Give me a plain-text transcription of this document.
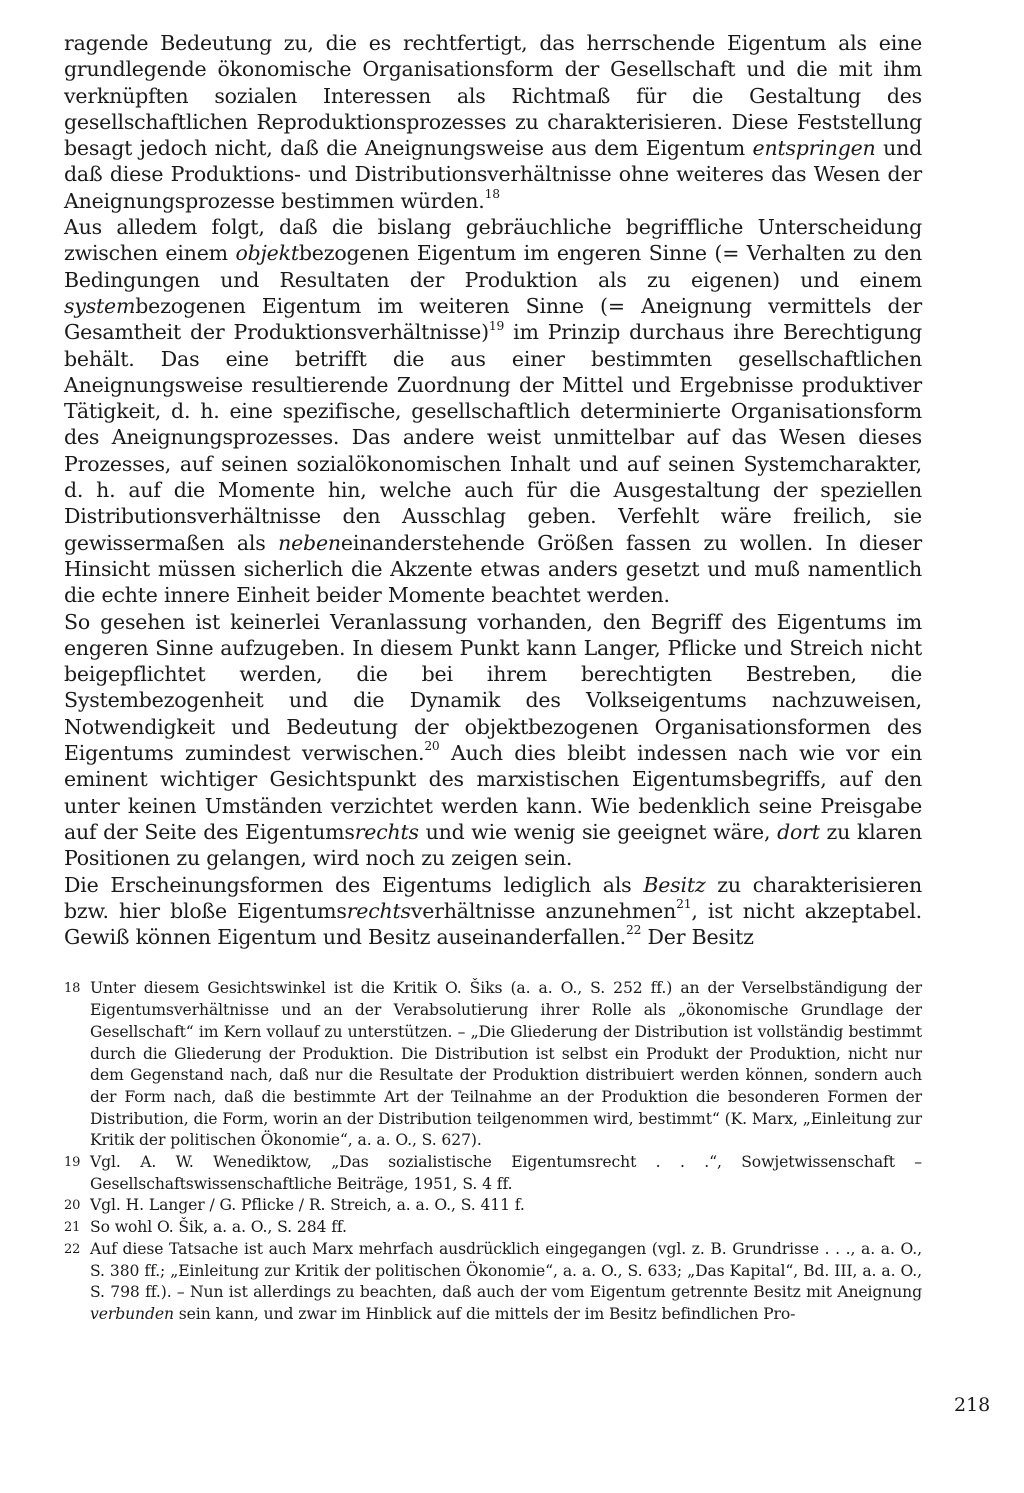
ragende Bedeutung zu, die es rechtfertigt, das herrschende Eigentum als eine grundlegende ökonomische Organisationsform der Gesellschaft und die mit ihm verknüpften sozialen Interessen als Richtmaß für die Gestaltung des gesellschaftlichen Reproduktionsprozesses zu charakterisieren. Diese Feststellung besagt jedoch nicht, daß die Aneignungsweise aus dem Eigentum entspringen und daß diese Produktions- und Distributionsverhältnisse ohne weiteres das Wesen der Aneignungsprozesse bestimmen würden.$^{18}$

Aus alledem folgt, daß die bislang gebräuchliche begriffliche Unterscheidung zwischen einem objektbezogenen Eigentum im engeren Sinne (= Verhalten zu den Bedingungen und Resultaten der Produktion als zu eigenen) und einem systembezogenen Eigentum im weiteren Sinne (= Aneignung vermittels der Gesamtheit der Produktionsverhältnisse)$^{19}$ im Prinzip durchaus ihre Berechtigung behält. Das eine betrifft die aus einer bestimmten gesellschaftlichen Aneignungsweise resultierende Zuordnung der Mittel und Ergebnisse produktiver Tätigkeit, d. h. eine spezifische, gesellschaftlich determinierte Organisationsform des Aneignungsprozesses. Das andere weist unmittelbar auf das Wesen dieses Prozesses, auf seinen sozialökonomischen Inhalt und auf seinen Systemcharakter, d. h. auf die Momente hin, welche auch für die Ausgestaltung der speziellen Distributionsverhältnisse den Ausschlag geben. Verfehlt wäre freilich, sie gewissermaßen als nebeneinanderstehende Größen fassen zu wollen. In dieser Hinsicht müssen sicherlich die Akzente etwas anders gesetzt und muß namentlich die echte innere Einheit beider Momente beachtet werden.

So gesehen ist keinerlei Veranlassung vorhanden, den Begriff des Eigentums im engeren Sinne aufzugeben. In diesem Punkt kann Langer, Pflicke und Streich nicht beigepflichtet werden, die bei ihrem berechtigten Bestreben, die Systembezogenheit und die Dynamik des Volkseigentums nachzuweisen, Notwendigkeit und Bedeutung der objektbezogenen Organisationsformen des Eigentums zumindest verwischen.$^{20}$ Auch dies bleibt indessen nach wie vor ein eminent wichtiger Gesichtspunkt des marxistischen Eigentumsbegriffs, auf den unter keinen Umständen verzichtet werden kann. Wie bedenklich seine Preisgabe auf der Seite des Eigentumsrechts und wie wenig sie geeignet wäre, dort zu klaren Positionen zu gelangen, wird noch zu zeigen sein.

Die Erscheinungsformen des Eigentums lediglich als Besitz zu charakterisieren bzw. hier bloße Eigentumsrechtsverhältnisse anzunehmen$^{21}$, ist nicht akzeptabel. Gewiß können Eigentum und Besitz auseinanderfallen.$^{22}$ Der Besitz

18 Unter diesem Gesichtswinkel ist die Kritik O. Šiks (a. a. O., S. 252 ff.) an der Verselbständigung der Eigentumsverhältnisse und an der Verabsolutierung ihrer Rolle als „ökonomische Grundlage der Gesellschaft“ im Kern vollauf zu unterstützen. – „Die Gliederung der Distribution ist vollständig bestimmt durch die Gliederung der Produktion. Die Distribution ist selbst ein Produkt der Produktion, nicht nur dem Gegenstand nach, daß nur die Resultate der Produktion distribuiert werden können, sondern auch der Form nach, daß die bestimmte Art der Teilnahme an der Produktion die besonderen Formen der Distribution, die Form, worin an der Distribution teilgenommen wird, bestimmt“ (K. Marx, „Einleitung zur Kritik der politischen Ökonomie“, a. a. O., S. 627).

19 Vgl. A. W. Wenediktow, „Das sozialistische Eigentumsrecht . . .“, Sowjetwissenschaft – Gesellschaftswissenschaftliche Beiträge, 1951, S. 4 ff.

20 Vgl. H. Langer / G. Pflicke / R. Streich, a. a. O., S. 411 f.

21 So wohl O. Šik, a. a. O., S. 284 ff.

22 Auf diese Tatsache ist auch Marx mehrfach ausdrücklich eingegangen (vgl. z. B. Grundrisse . . ., a. a. O., S. 380 ff.; „Einleitung zur Kritik der politischen Ökonomie“, a. a. O., S. 633; „Das Kapital“, Bd. III, a. a. O., S. 798 ff.). – Nun ist allerdings zu beachten, daß auch der vom Eigentum getrennte Besitz mit Aneignung verbunden sein kann, und zwar im Hinblick auf die mittels der im Besitz befindlichen Pro-

218
